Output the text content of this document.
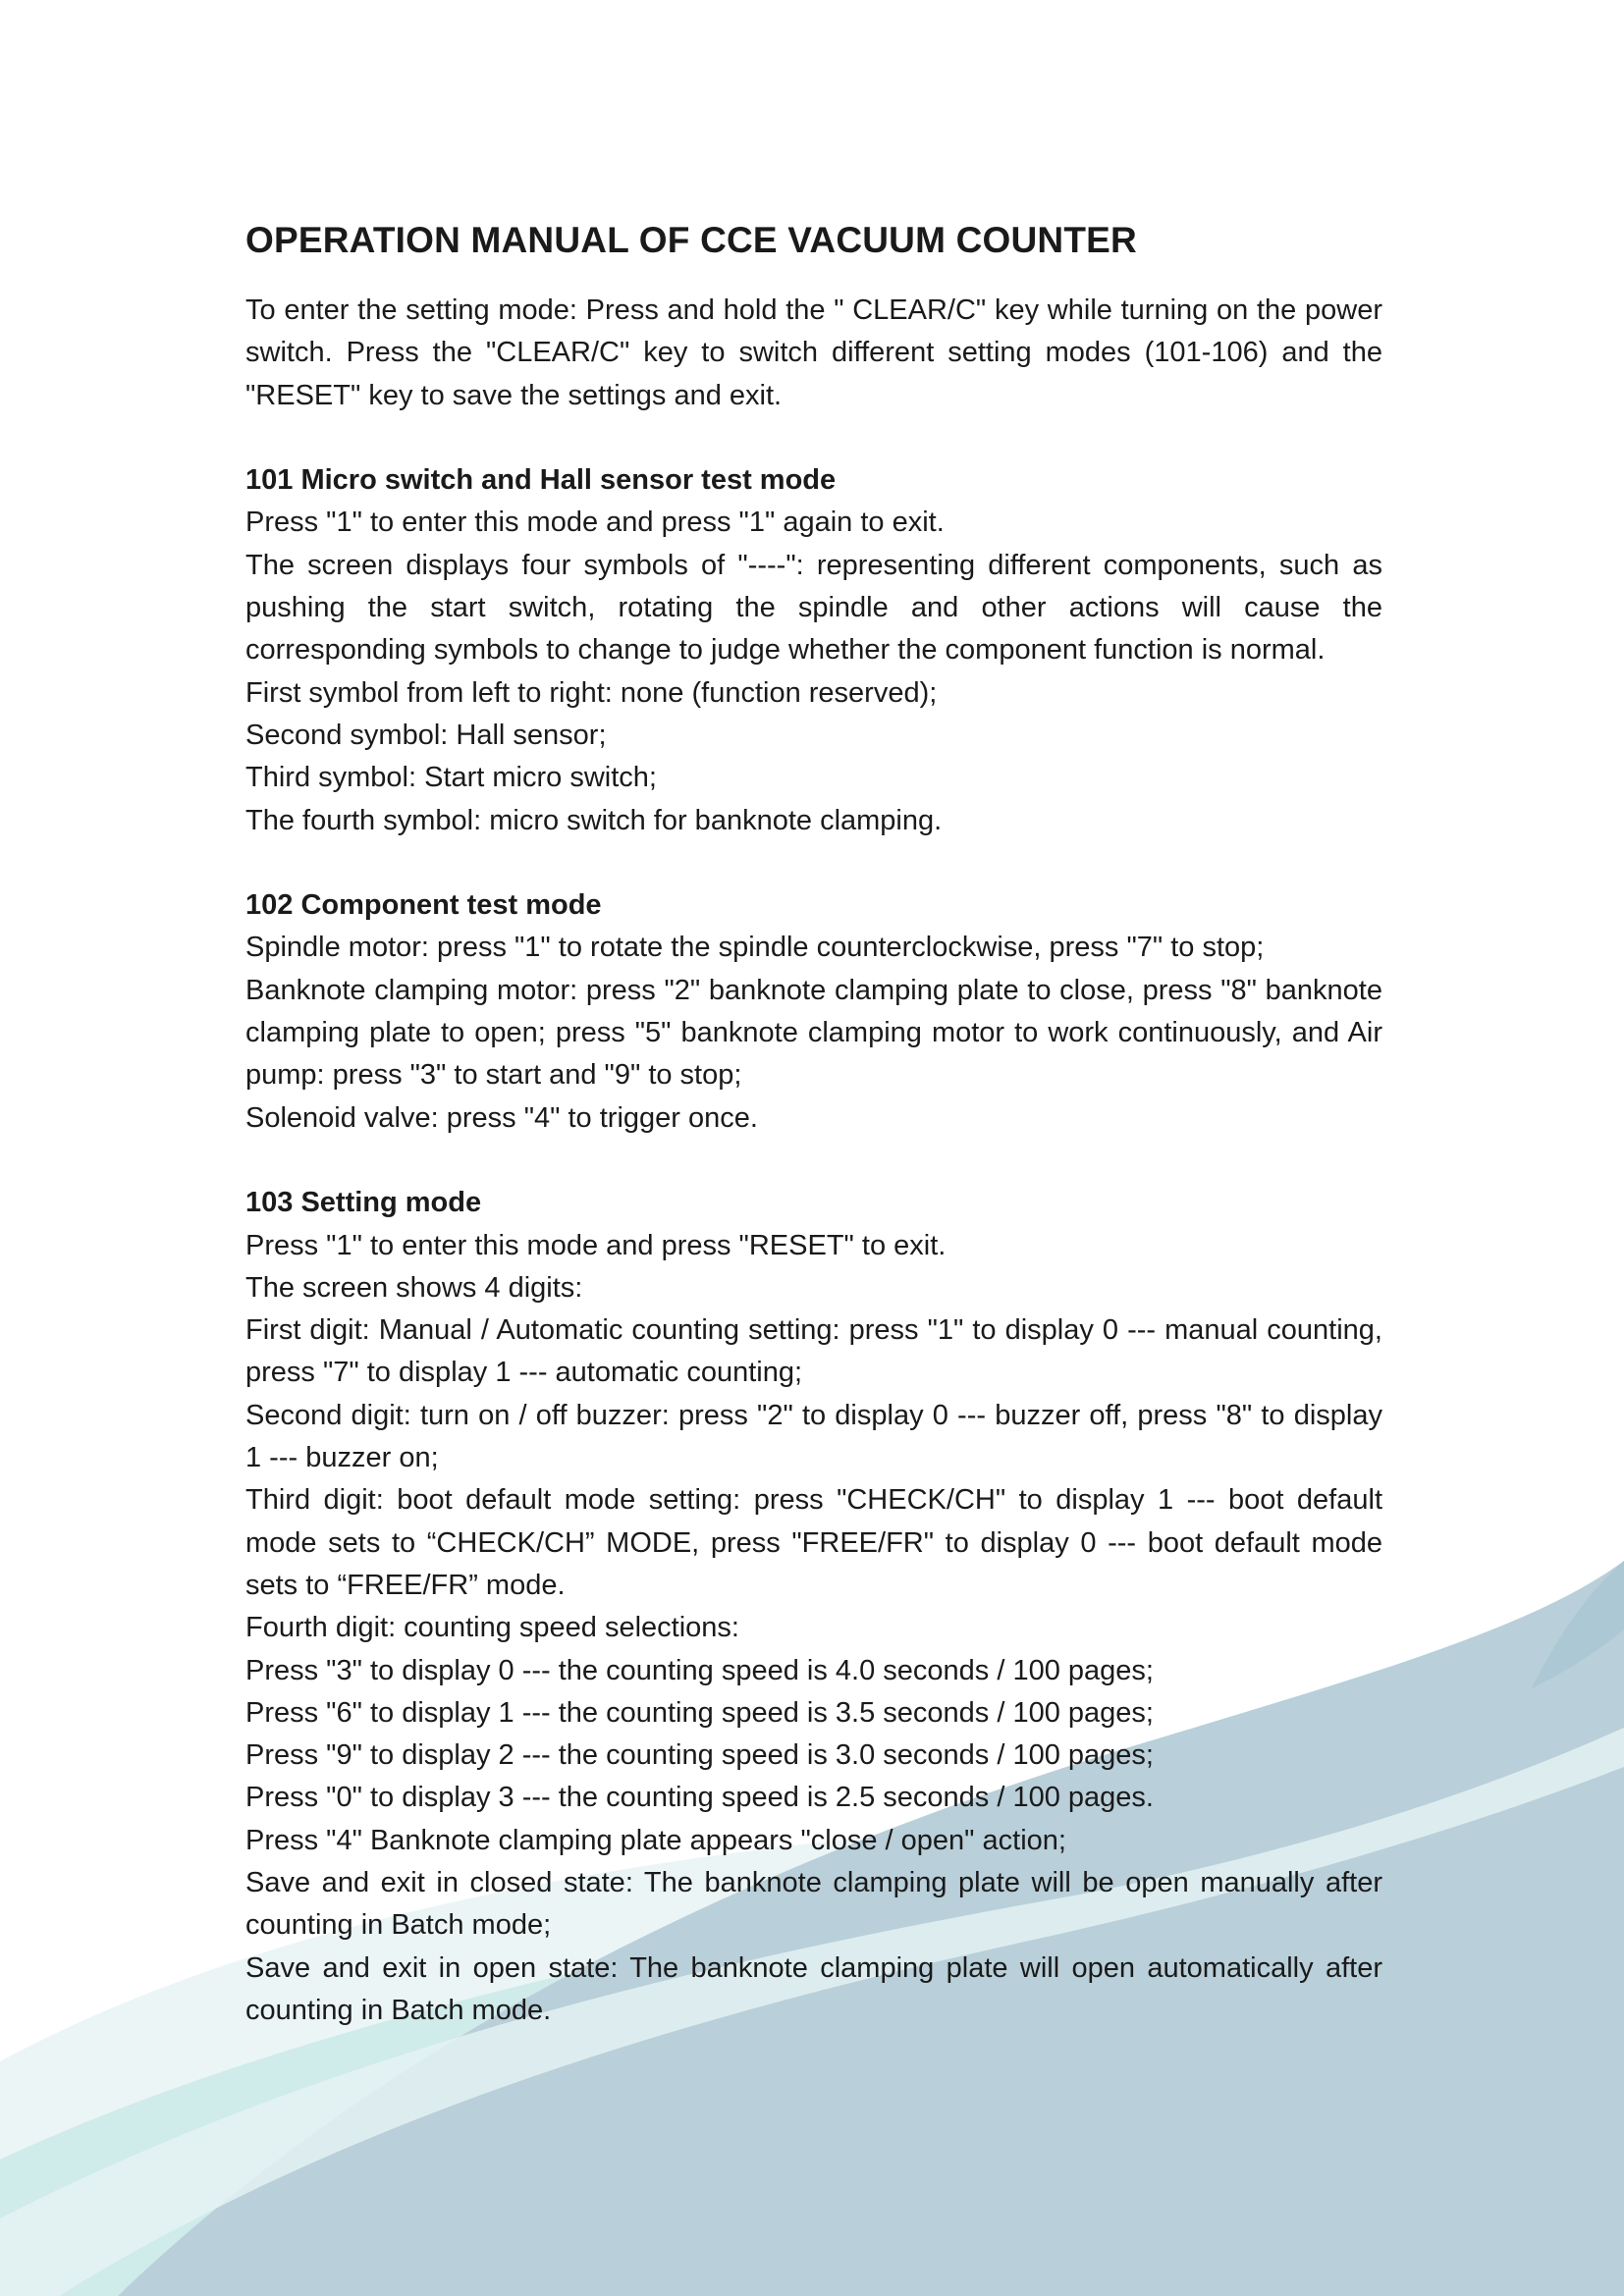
OPERATION MANUAL OF CCE VACUUM COUNTER

To enter the setting mode: Press and hold the " CLEAR/C" key while turning on the power switch. Press the "CLEAR/C" key to switch different setting modes (101-106) and the "RESET" key to save the settings and exit.

101 Micro switch and Hall sensor test mode

Press "1" to enter this mode and press "1" again to exit.

The screen displays four symbols of "----": representing different components, such as pushing the start switch, rotating the spindle and other actions will cause the corresponding symbols to change to judge whether the component function is normal.

First symbol from left to right: none (function reserved);

Second symbol: Hall sensor;

Third symbol: Start micro switch;

The fourth symbol: micro switch for banknote clamping.

102 Component test mode

Spindle motor: press "1" to rotate the spindle counterclockwise, press "7" to stop;

Banknote clamping motor: press "2" banknote clamping plate to close, press "8" banknote clamping plate to open; press "5" banknote clamping motor to work continuously, and Air pump: press "3" to start and "9" to stop;

Solenoid valve: press "4" to trigger once.

103 Setting mode

Press "1" to enter this mode and press "RESET" to exit.

The screen shows 4 digits:

First digit: Manual / Automatic counting setting: press "1" to display 0 --- manual counting, press "7" to display 1 --- automatic counting;

Second digit: turn on / off buzzer: press "2" to display 0 --- buzzer off, press "8" to display 1 --- buzzer on;

Third digit: boot default mode setting: press "CHECK/CH" to display 1 --- boot default mode sets to “CHECK/CH” MODE, press "FREE/FR" to display 0 --- boot default mode sets to “FREE/FR” mode.

Fourth digit: counting speed selections:

Press "3" to display 0 --- the counting speed is 4.0 seconds / 100 pages;

Press "6" to display 1 --- the counting speed is 3.5 seconds / 100 pages;

Press "9" to display 2 --- the counting speed is 3.0 seconds / 100 pages;

Press "0" to display 3 --- the counting speed is 2.5 seconds / 100 pages.

Press "4" Banknote clamping plate appears "close / open" action;

Save and exit in closed state: The banknote clamping plate will be open manually after counting in Batch mode;

Save and exit in open state: The banknote clamping plate will open automatically after counting in Batch mode.
